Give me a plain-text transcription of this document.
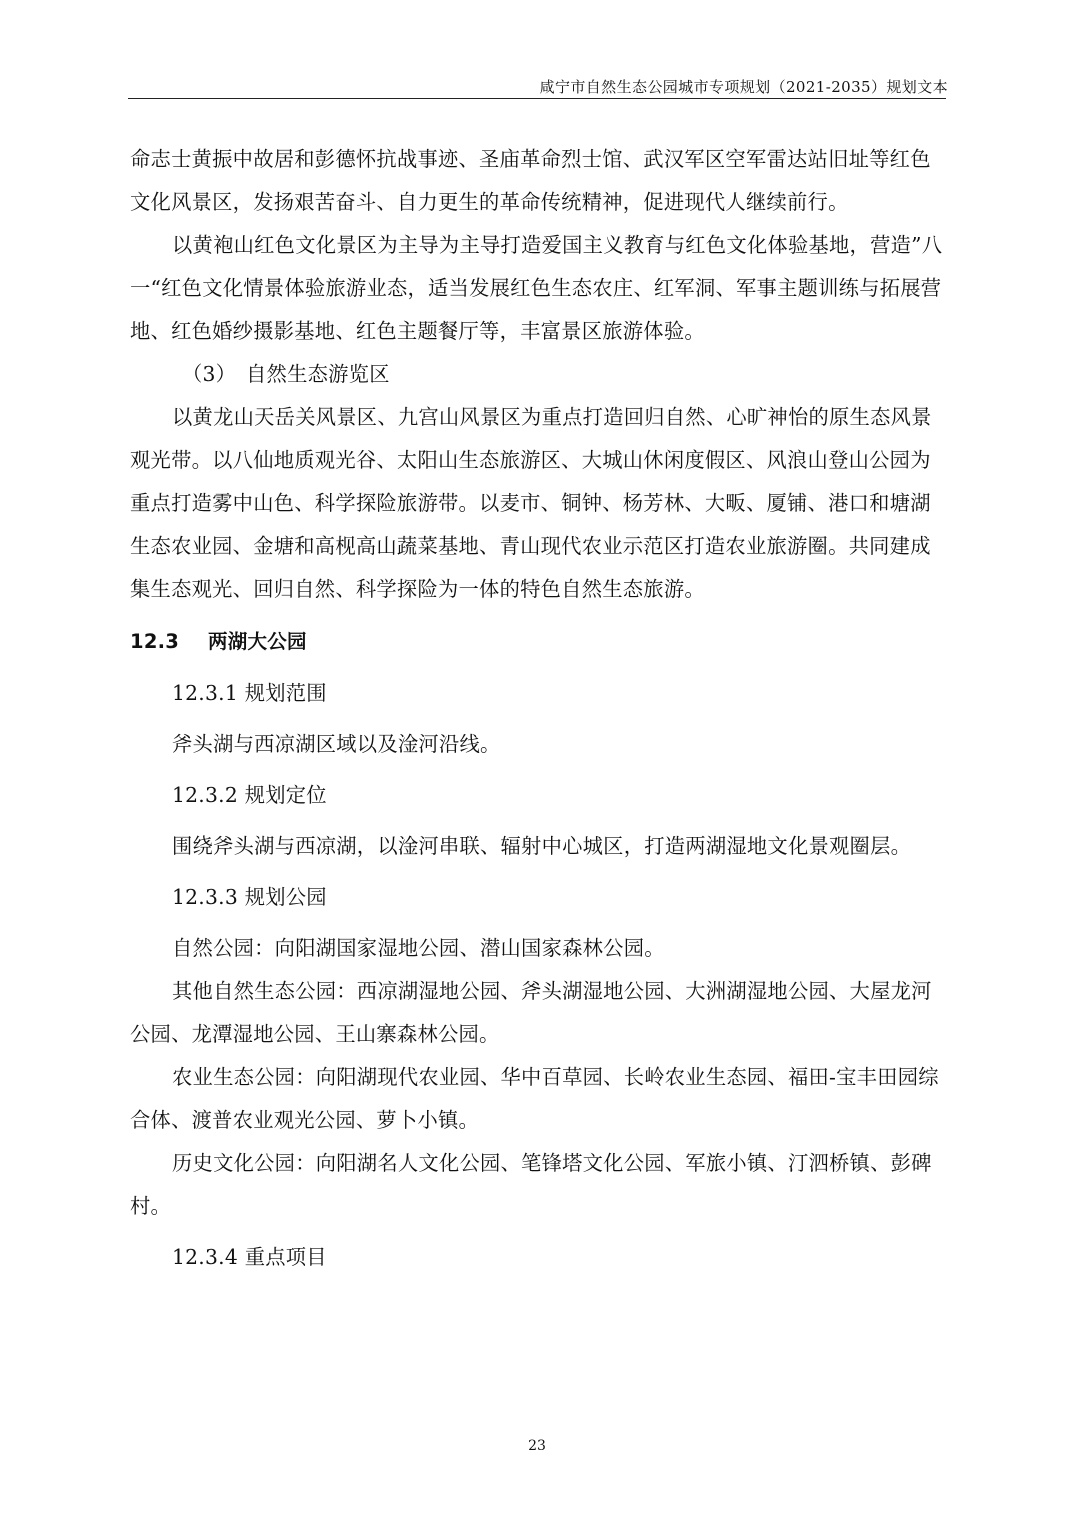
咸宁市自然生态公园城市专项规划（2021-2035）规划文本

命志士黄振中故居和彭德怀抗战事迹、圣庙革命烈士馆、武汉军区空军雷达站旧址等红色文化风景区，发扬艰苦奋斗、自力更生的革命传统精神，促进现代人继续前行。

以黄袍山红色文化景区为主导为主导打造爱国主义教育与红色文化体验基地，营造”八一“红色文化情景体验旅游业态，适当发展红色生态农庄、红军洞、军事主题训练与拓展营地、红色婚纱摄影基地、红色主题餐厅等，丰富景区旅游体验。

（3） 自然生态游览区

以黄龙山天岳关风景区、九宫山风景区为重点打造回归自然、心旷神怡的原生态风景观光带。以八仙地质观光谷、太阳山生态旅游区、大城山休闲度假区、风浪山登山公园为重点打造雾中山色、科学探险旅游带。以麦市、铜钟、杨芳林、大畈、厦铺、港口和塘湖生态农业园、金塘和高枧高山蔬菜基地、青山现代农业示范区打造农业旅游圈。共同建成集生态观光、回归自然、科学探险为一体的特色自然生态旅游。

12.3 两湖大公园

12.3.1 规划范围

斧头湖与西凉湖区域以及淦河沿线。

12.3.2 规划定位

围绕斧头湖与西凉湖，以淦河串联、辐射中心城区，打造两湖湿地文化景观圈层。

12.3.3 规划公园

自然公园：向阳湖国家湿地公园、潜山国家森林公园。

其他自然生态公园：西凉湖湿地公园、斧头湖湿地公园、大洲湖湿地公园、大屋龙河公园、龙潭湿地公园、王山寨森林公园。

农业生态公园：向阳湖现代农业园、华中百草园、长岭农业生态园、福田-宝丰田园综合体、渡普农业观光公园、萝卜小镇。

历史文化公园：向阳湖名人文化公园、笔锋塔文化公园、军旅小镇、汀泗桥镇、彭碑村。

12.3.4 重点项目

23
